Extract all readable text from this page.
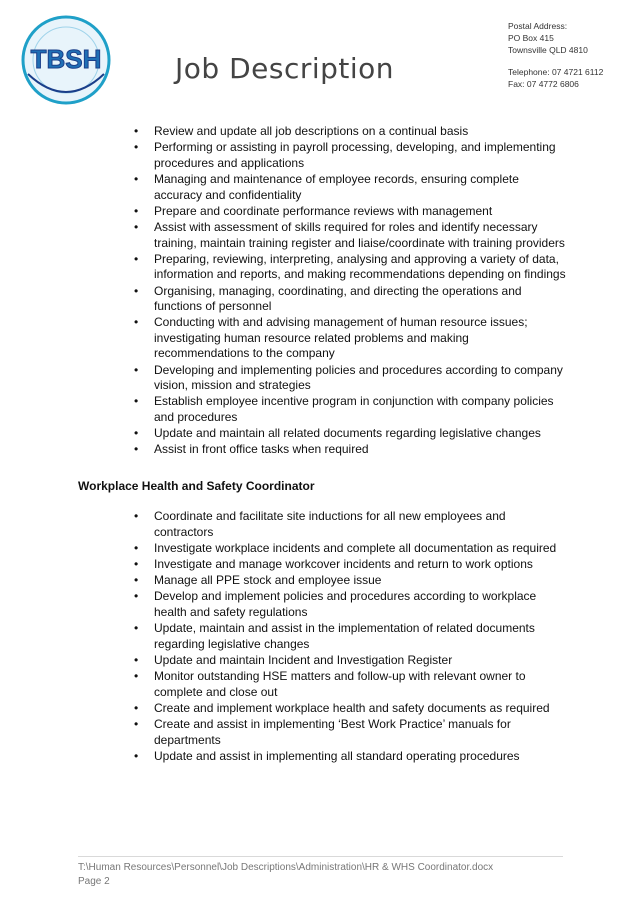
TBSH	Job Description
Postal Address:
PO Box 415
Townsville QLD 4810
Telephone: 07 4721 6112
Fax: 07 4772 6806
• Review and update all job descriptions on a continual basis
• Performing or assisting in payroll processing, developing, and implementing procedures and applications
• Managing and maintenance of employee records, ensuring complete accuracy and confidentiality
• Prepare and coordinate performance reviews with management
• Assist with assessment of skills required for roles and identify necessary training, maintain training register and liaise/coordinate with training providers
• Preparing, reviewing, interpreting, analysing and approving a variety of data, information and reports, and making recommendations depending on findings
• Organising, managing, coordinating, and directing the operations and functions of personnel
• Conducting with and advising management of human resource issues; investigating human resource related problems and making recommendations to the company
• Developing and implementing policies and procedures according to company vision, mission and strategies
• Establish employee incentive program in conjunction with company policies and procedures
• Update and maintain all related documents regarding legislative changes
• Assist in front office tasks when required
Workplace Health and Safety Coordinator
• Coordinate and facilitate site inductions for all new employees and contractors
• Investigate workplace incidents and complete all documentation as required
• Investigate and manage workcover incidents and return to work options
• Manage all PPE stock and employee issue
• Develop and implement policies and procedures according to workplace health and safety regulations
• Update, maintain and assist in the implementation of related documents regarding legislative changes
• Update and maintain Incident and Investigation Register
• Monitor outstanding HSE matters and follow-up with relevant owner to complete and close out
• Create and implement workplace health and safety documents as required
• Create and assist in implementing ‘Best Work Practice’ manuals for departments
• Update and assist in implementing all standard operating procedures
T:\Human Resources\Personnel\Job Descriptions\Administration\HR & WHS Coordinator.docx
Page 2
